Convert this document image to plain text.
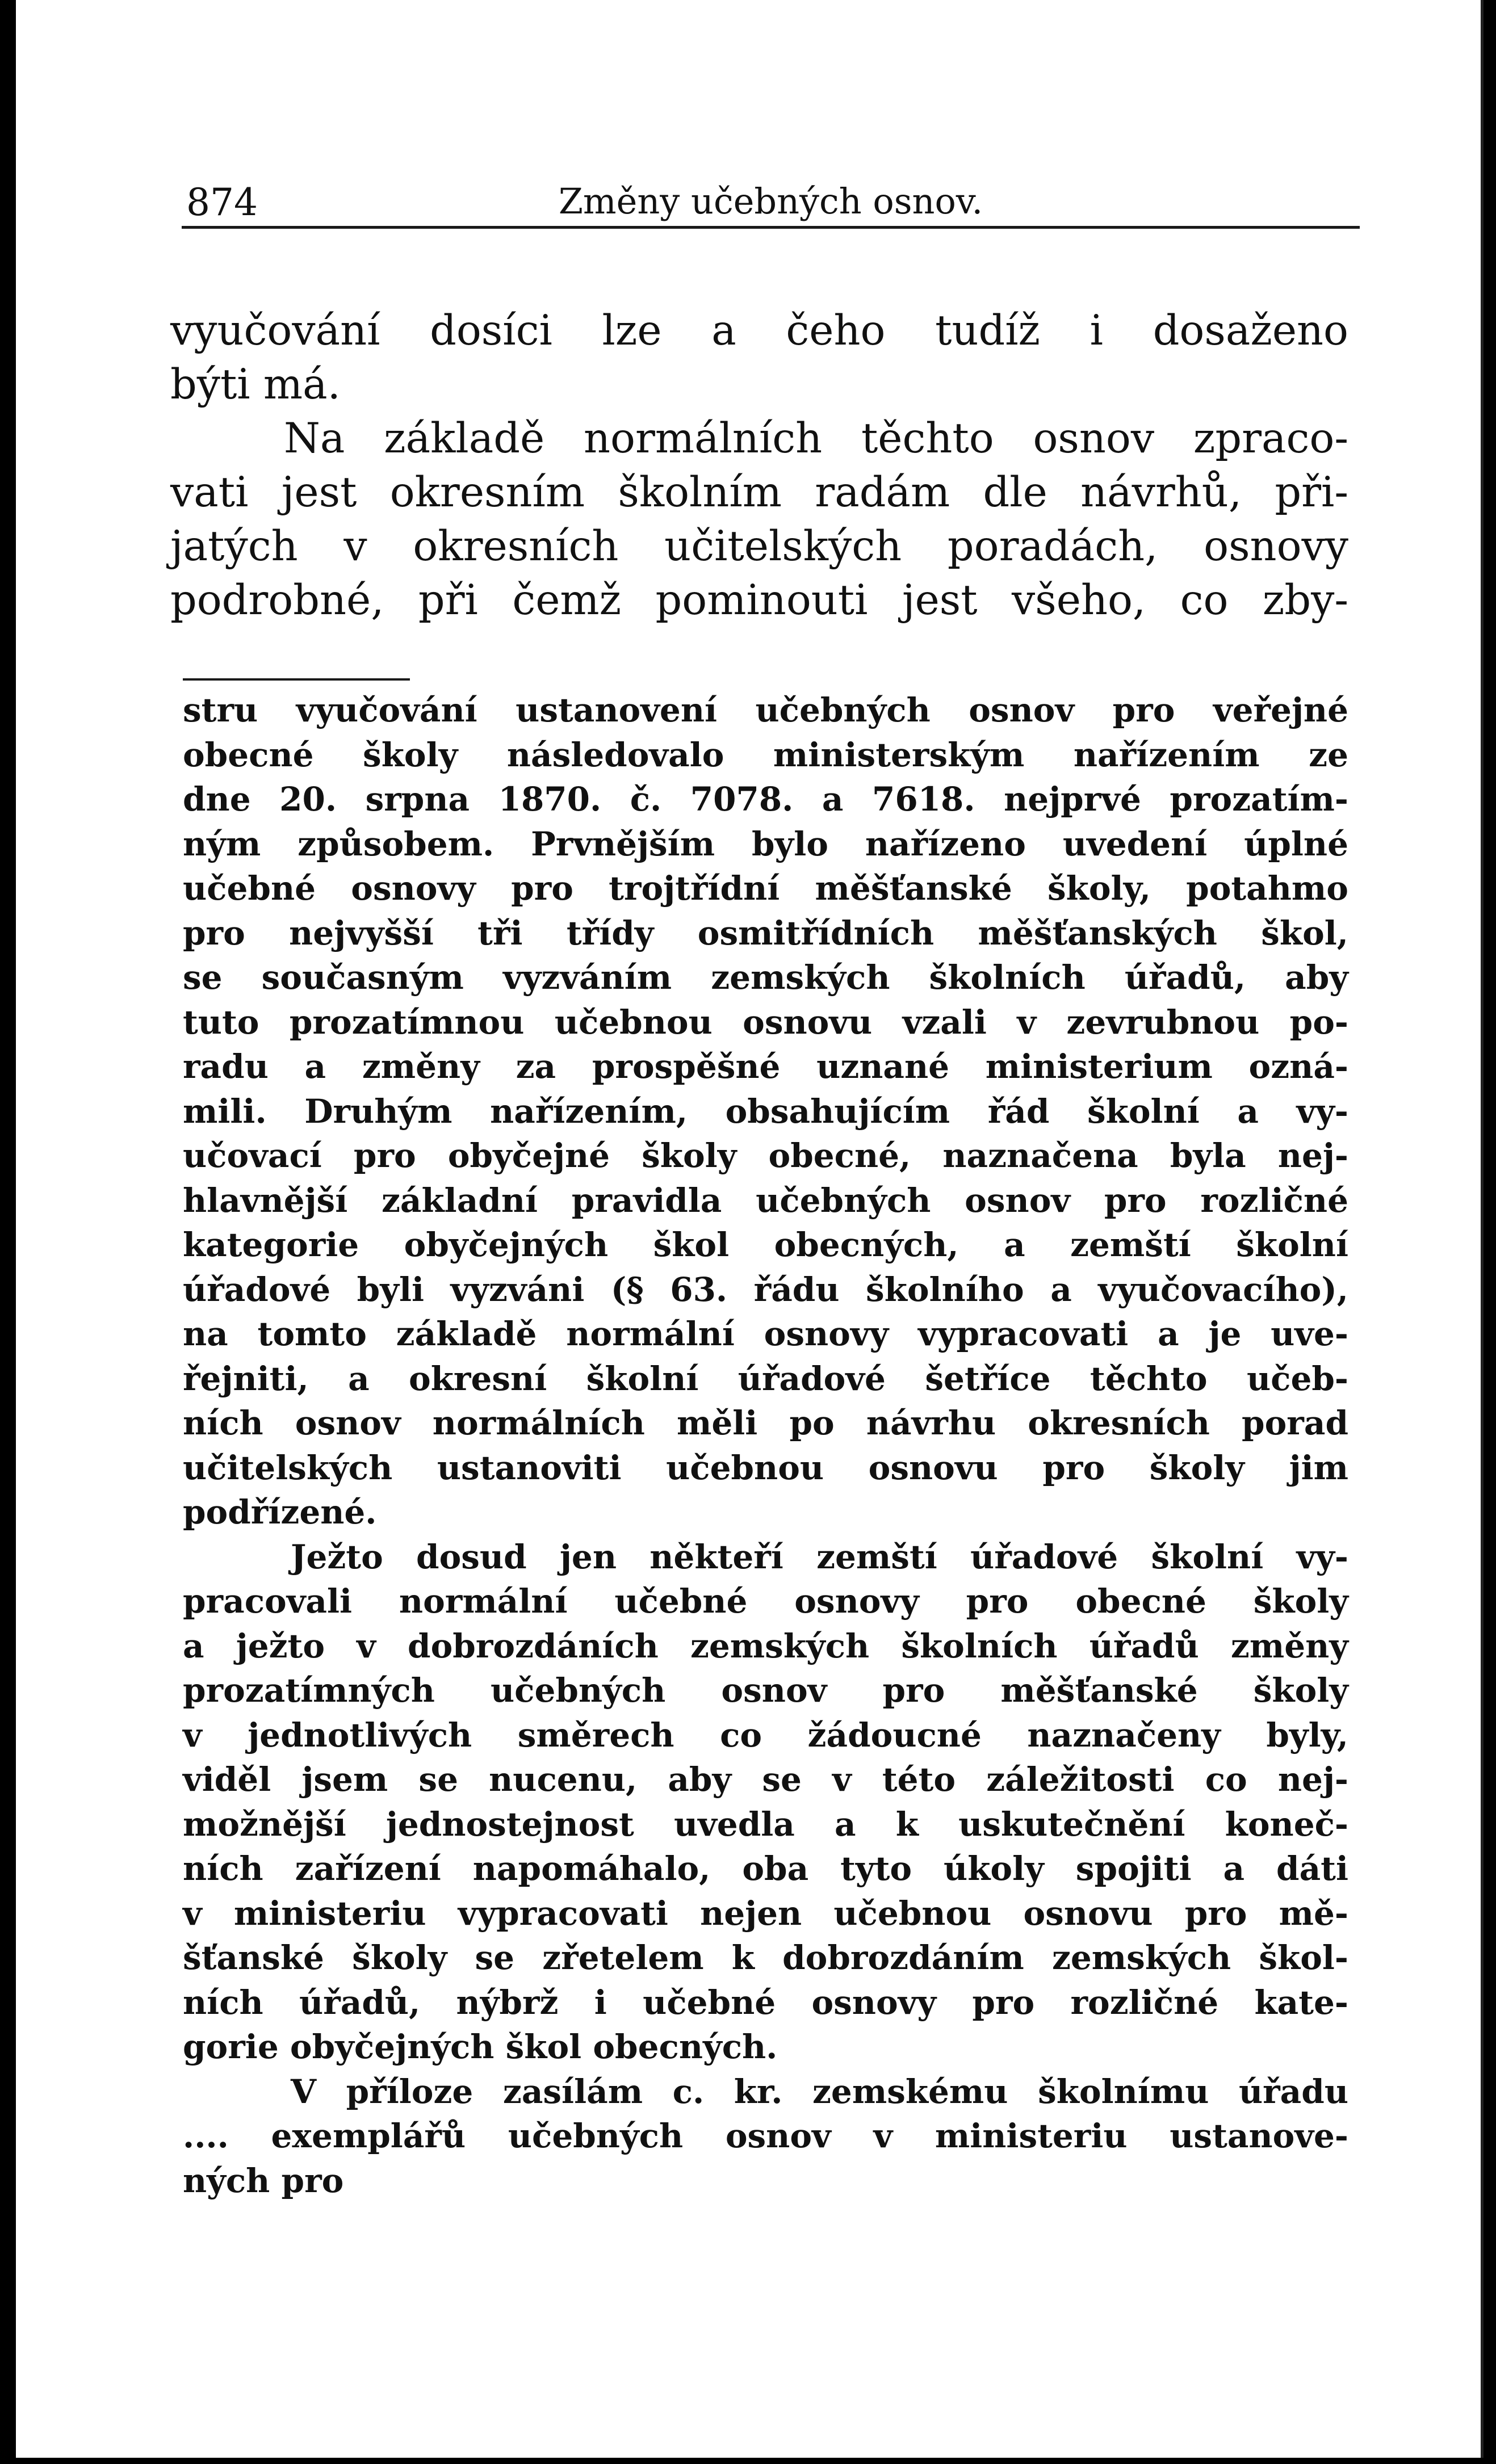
874	Změny učebných osnov.
vyučování dosíci lze a čeho tudíž i dosaženo
býti má.
Na základě normálních těchto osnov zpraco-
vati jest okresním školním radám dle návrhů, při-
jatých v okresních učitelských poradách, osnovy
podrobné, při čemž pominouti jest všeho, co zby-
stru vyučování ustanovení učebných osnov pro veřejné
obecné školy následovalo ministerským nařízením ze
dne 20. srpna 1870. č. 7078. a 7618. nejprvé prozatím-
ným způsobem. Prvnějším bylo nařízeno uvedení úplné
učebné osnovy pro trojtřídní měšťanské školy, potahmo
pro nejvyšší tři třídy osmitřídních měšťanských škol,
se současným vyzváním zemských školních úřadů, aby
tuto prozatímnou učebnou osnovu vzali v zevrubnou po-
radu a změny za prospěšné uznané ministerium ozná-
mili. Druhým nařízením, obsahujícím řád školní a vy-
učovací pro obyčejné školy obecné, naznačena byla nej-
hlavnější základní pravidla učebných osnov pro rozličné
kategorie obyčejných škol obecných, a zemští školní
úřadové byli vyzváni (§ 63. řádu školního a vyučovacího),
na tomto základě normální osnovy vypracovati a je uve-
řejniti, a okresní školní úřadové šetříce těchto učeb-
ních osnov normálních měli po návrhu okresních porad
učitelských ustanoviti učebnou osnovu pro školy jim
podřízené.
Ježto dosud jen někteří zemští úřadové školní vy-
pracovali normální učebné osnovy pro obecné školy
a ježto v dobrozdáních zemských školních úřadů změny
prozatímných učebných osnov pro měšťanské školy
v jednotlivých směrech co žádoucné naznačeny byly,
viděl jsem se nucenu, aby se v této záležitosti co nej-
možnější jednostejnost uvedla a k uskutečnění koneč-
ních zařízení napomáhalo, oba tyto úkoly spojiti a dáti
v ministeriu vypracovati nejen učebnou osnovu pro mě-
šťanské školy se zřetelem k dobrozdáním zemských škol-
ních úřadů, nýbrž i učebné osnovy pro rozličné kate-
gorie obyčejných škol obecných.
V příloze zasílám c. kr. zemskému školnímu úřadu
.... exemplářů učebných osnov v ministeriu ustanove-
ných pro
